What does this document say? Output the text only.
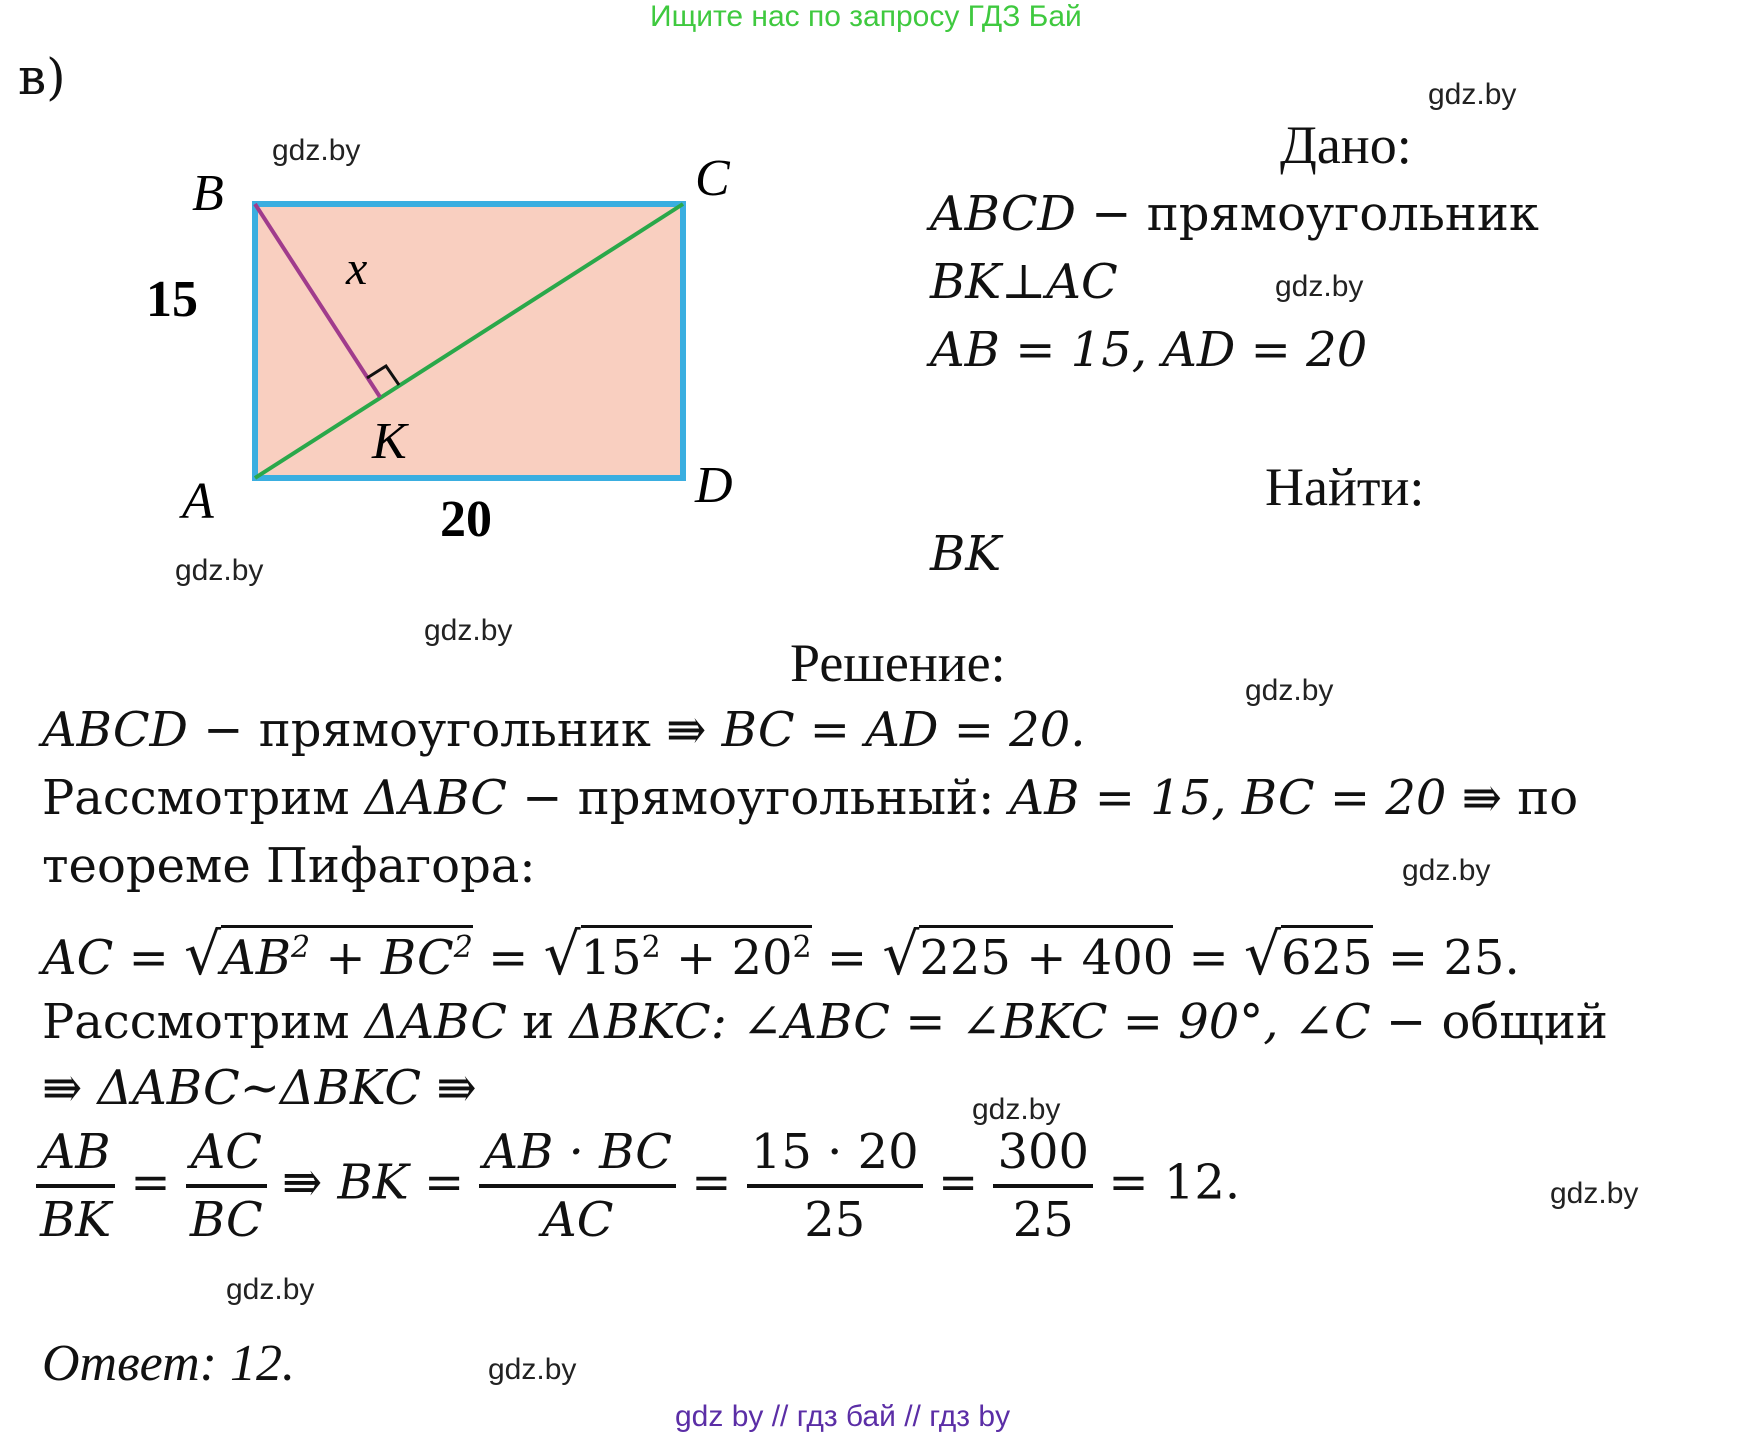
Ищите нас по запросу ГДЗ Бай
в)	gdz.by
gdz.by
gdz.by
gdz.by
gdz.by
gdz.by
gdz.by
gdz.by
gdz.by
gdz.by
gdz.by
B	C
A	D
K
x
15
20
Дано:
ABCD − прямоугольник
BK⊥AC
AB = 15, AD = 20
Найти:
BK
Решение:
ABCD − прямоугольник ⇛ BC = AD = 20.
Рассмотрим ΔABC − прямоугольный: AB = 15, BC = 20 ⇛ по
теореме Пифагора:
AC = $√AB^2 + BC^2 = √15^2 + 20^2 = √225 + 400 = √625 = 25$.
Рассмотрим ΔABC и ΔBKC: ∠ABC = ∠BKC = 90°, ∠C − общий
⇛ ΔABC~ΔBKC ⇛
$\frac{AB}{BK} = \frac{AC}{BC}$ ⇛ BK = $\frac{AB \cdot BC}{AC} = \frac{15 \cdot 20}{25} = \frac{300}{25} = 12$.
Ответ: 12.
gdz by // гдз бай // гдз by
